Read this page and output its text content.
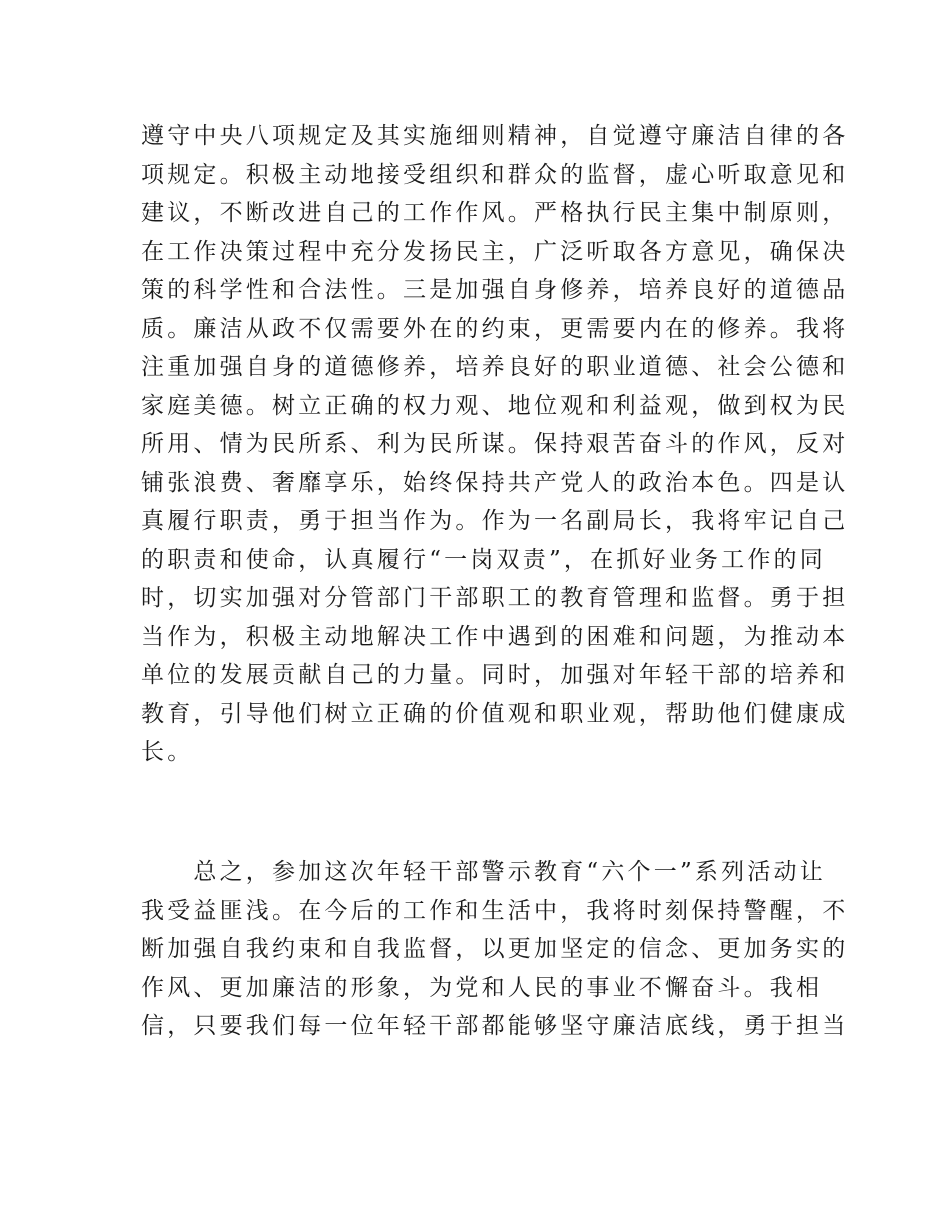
遵守中央八项规定及其实施细则精神，自觉遵守廉洁自律的各
项规定。积极主动地接受组织和群众的监督，虚心听取意见和
建议，不断改进自己的工作作风。严格执行民主集中制原则，
在工作决策过程中充分发扬民主，广泛听取各方意见，确保决
策的科学性和合法性。三是加强自身修养，培养良好的道德品
质。廉洁从政不仅需要外在的约束，更需要内在的修养。我将
注重加强自身的道德修养，培养良好的职业道德、社会公德和
家庭美德。树立正确的权力观、地位观和利益观，做到权为民
所用、情为民所系、利为民所谋。保持艰苦奋斗的作风，反对
铺张浪费、奢靡享乐，始终保持共产党人的政治本色。四是认
真履行职责，勇于担当作为。作为一名副局长，我将牢记自己
的职责和使命，认真履行“一岗双责”，在抓好业务工作的同
时，切实加强对分管部门干部职工的教育管理和监督。勇于担
当作为，积极主动地解决工作中遇到的困难和问题，为推动本
单位的发展贡献自己的力量。同时，加强对年轻干部的培养和
教育，引导他们树立正确的价值观和职业观，帮助他们健康成
长。

　　总之，参加这次年轻干部警示教育“六个一”系列活动让
我受益匪浅。在今后的工作和生活中，我将时刻保持警醒，不
断加强自我约束和自我监督，以更加坚定的信念、更加务实的
作风、更加廉洁的形象，为党和人民的事业不懈奋斗。我相
信，只要我们每一位年轻干部都能够坚守廉洁底线，勇于担当
